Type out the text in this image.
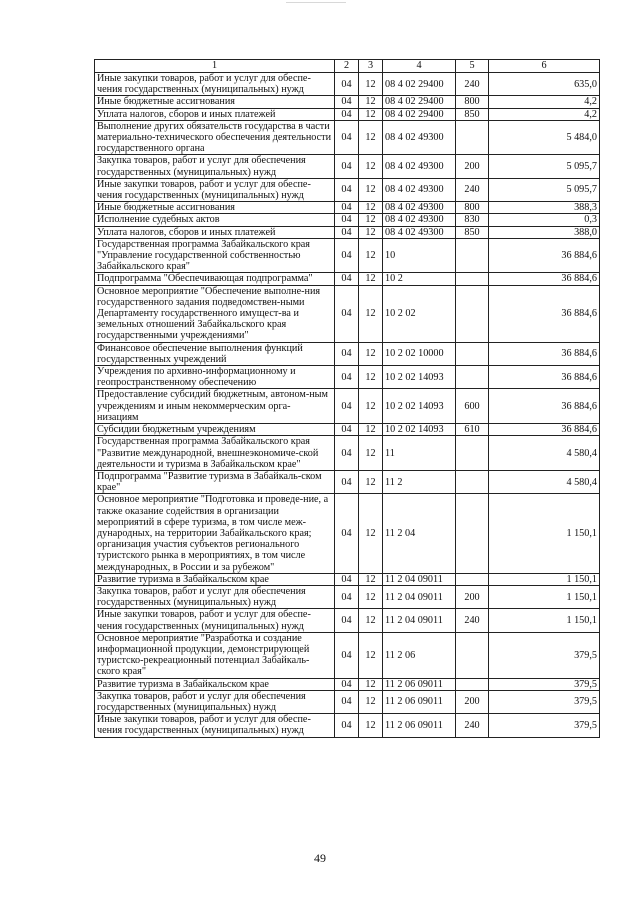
1	2	3	4	5	6
Иные закупки товаров, работ и услуг для обеспе-чения государственных (муниципальных) нужд	04	12	08 4 02 29400	240	635,0
Иные бюджетные ассигнования	04	12	08 4 02 29400	800	4,2
Уплата налогов, сборов и иных платежей	04	12	08 4 02 29400	850	4,2
Выполнение других обязательств государства в части материально-технического обеспечения деятельности государственного органа	04	12	08 4 02 49300		5 484,0
Закупка товаров, работ и услуг для обеспечения государственных (муниципальных) нужд	04	12	08 4 02 49300	200	5 095,7
Иные закупки товаров, работ и услуг для обеспе-чения государственных (муниципальных) нужд	04	12	08 4 02 49300	240	5 095,7
Иные бюджетные ассигнования	04	12	08 4 02 49300	800	388,3
Исполнение судебных актов	04	12	08 4 02 49300	830	0,3
Уплата налогов, сборов и иных платежей	04	12	08 4 02 49300	850	388,0
Государственная программа Забайкальского края "Управление государственной собственностью Забайкальского края"	04	12	10		36 884,6
Подпрограмма "Обеспечивающая подпрограмма"	04	12	10 2		36 884,6
Основное мероприятие "Обеспечение выполне-ния государственного задания подведомствен-ными Департаменту государственного имущест-ва и земельных отношений Забайкальского края государственными учреждениями"	04	12	10 2 02		36 884,6
Финансовое обеспечение выполнения функций государственных учреждений	04	12	10 2 02 10000		36 884,6
Учреждения по архивно-информационному и геопространственному обеспечению	04	12	10 2 02 14093		36 884,6
Предоставление субсидий бюджетным, автоном-ным учреждениям и иным некоммерческим орга-низациям	04	12	10 2 02 14093	600	36 884,6
Субсидии бюджетным учреждениям	04	12	10 2 02 14093	610	36 884,6
Государственная программа Забайкальского края "Развитие международной, внешнеэкономиче-ской деятельности и туризма в Забайкальском крае"	04	12	11		4 580,4
Подпрограмма "Развитие туризма в Забайкаль-ском крае"	04	12	11 2		4 580,4
Основное мероприятие "Подготовка и проведе-ние, а также оказание содействия в организации мероприятий в сфере туризма, в том числе меж-дународных, на территории Забайкальского края; организация участия субъектов регионального туристского рынка в мероприятиях, в том числе международных, в России и за рубежом"	04	12	11 2 04		1 150,1
Развитие туризма в Забайкальском крае	04	12	11 2 04 09011		1 150,1
Закупка товаров, работ и услуг для обеспечения государственных (муниципальных) нужд	04	12	11 2 04 09011	200	1 150,1
Иные закупки товаров, работ и услуг для обеспе-чения государственных (муниципальных) нужд	04	12	11 2 04 09011	240	1 150,1
Основное мероприятие "Разработка и создание информационной продукции, демонстрирующей туристско-рекреационный потенциал Забайкаль-ского края"	04	12	11 2 06		379,5
Развитие туризма в Забайкальском крае	04	12	11 2 06 09011		379,5
Закупка товаров, работ и услуг для обеспечения государственных (муниципальных) нужд	04	12	11 2 06 09011	200	379,5
Иные закупки товаров, работ и услуг для обеспе-чения государственных (муниципальных) нужд	04	12	11 2 06 09011	240	379,5
49
